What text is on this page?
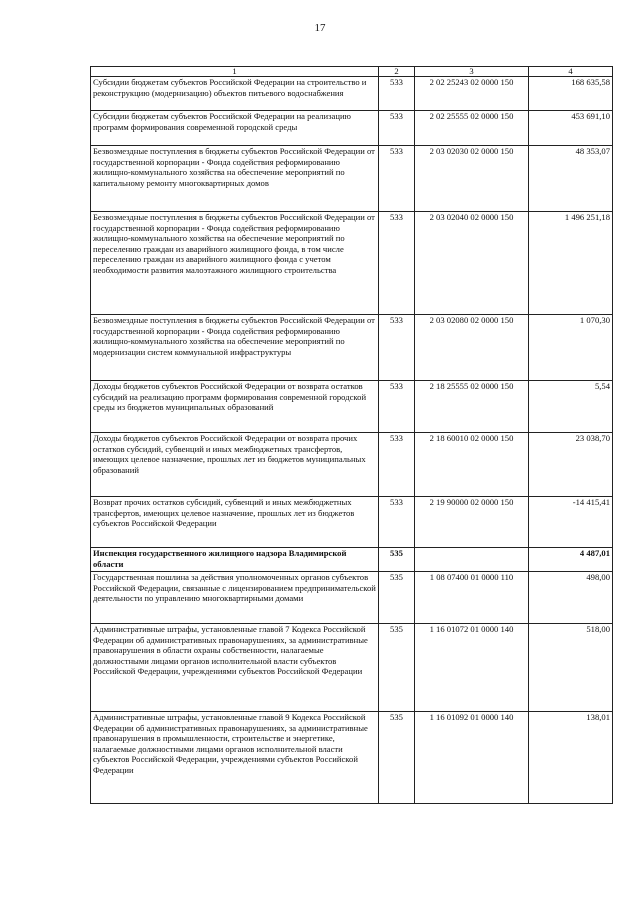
17
1	2	3	4
Субсидии бюджетам субъектов Российской Федерации на строительство и реконструкцию (модернизацию) объектов питьевого водоснабжения	533	2 02 25243 02 0000 150	168 635,58
Субсидии бюджетам субъектов Российской Федерации на реализацию программ формирования современной городской среды	533	2 02 25555 02 0000 150	453 691,10
Безвозмездные поступления в бюджеты субъектов Российской Федерации от государственной корпорации - Фонда содействия реформированию жилищно-коммунального хозяйства на обеспечение мероприятий по капитальному ремонту многоквартирных домов	533	2 03 02030 02 0000 150	48 353,07
Безвозмездные поступления в бюджеты субъектов Российской Федерации от государственной корпорации - Фонда содействия реформированию жилищно-коммунального хозяйства на обеспечение мероприятий по переселению граждан из аварийного жилищного фонда, в том числе переселению граждан из аварийного жилищного фонда с учетом необходимости развития малоэтажного жилищного строительства	533	2 03 02040 02 0000 150	1 496 251,18
Безвозмездные поступления в бюджеты субъектов Российской Федерации от государственной корпорации - Фонда содействия реформированию жилищно-коммунального хозяйства на обеспечение мероприятий по модернизации систем коммунальной инфраструктуры	533	2 03 02080 02 0000 150	1 070,30
Доходы бюджетов субъектов Российской Федерации от возврата остатков субсидий на реализацию программ формирования современной городской среды из бюджетов муниципальных образований	533	2 18 25555 02 0000 150	5,54
Доходы бюджетов субъектов Российской Федерации от возврата прочих остатков субсидий, субвенций и иных межбюджетных трансфертов, имеющих целевое назначение, прошлых лет из бюджетов муниципальных образований	533	2 18 60010 02 0000 150	23 038,70
Возврат прочих остатков субсидий, субвенций и иных межбюджетных трансфертов, имеющих целевое назначение, прошлых лет из бюджетов субъектов Российской Федерации	533	2 19 90000 02 0000 150	-14 415,41
Инспекция государственного жилищного надзора Владимирской области	535		4 487,01
Государственная пошлина за действия уполномоченных органов субъектов Российской Федерации, связанные с лицензированием предпринимательской деятельности по управлению многоквартирными домами	535	1 08 07400 01 0000 110	498,00
Административные штрафы, установленные главой 7 Кодекса Российской Федерации об административных правонарушениях, за административные правонарушения в области охраны собственности, налагаемые должностными лицами органов исполнительной власти субъектов Российской Федерации, учреждениями субъектов Российской Федерации	535	1 16 01072 01 0000 140	518,00
Административные штрафы, установленные главой 9 Кодекса Российской Федерации об административных правонарушениях, за административные правонарушения в промышленности, строительстве и энергетике, налагаемые должностными лицами органов исполнительной власти субъектов Российской Федерации, учреждениями субъектов Российской Федерации	535	1 16 01092 01 0000 140	138,01
